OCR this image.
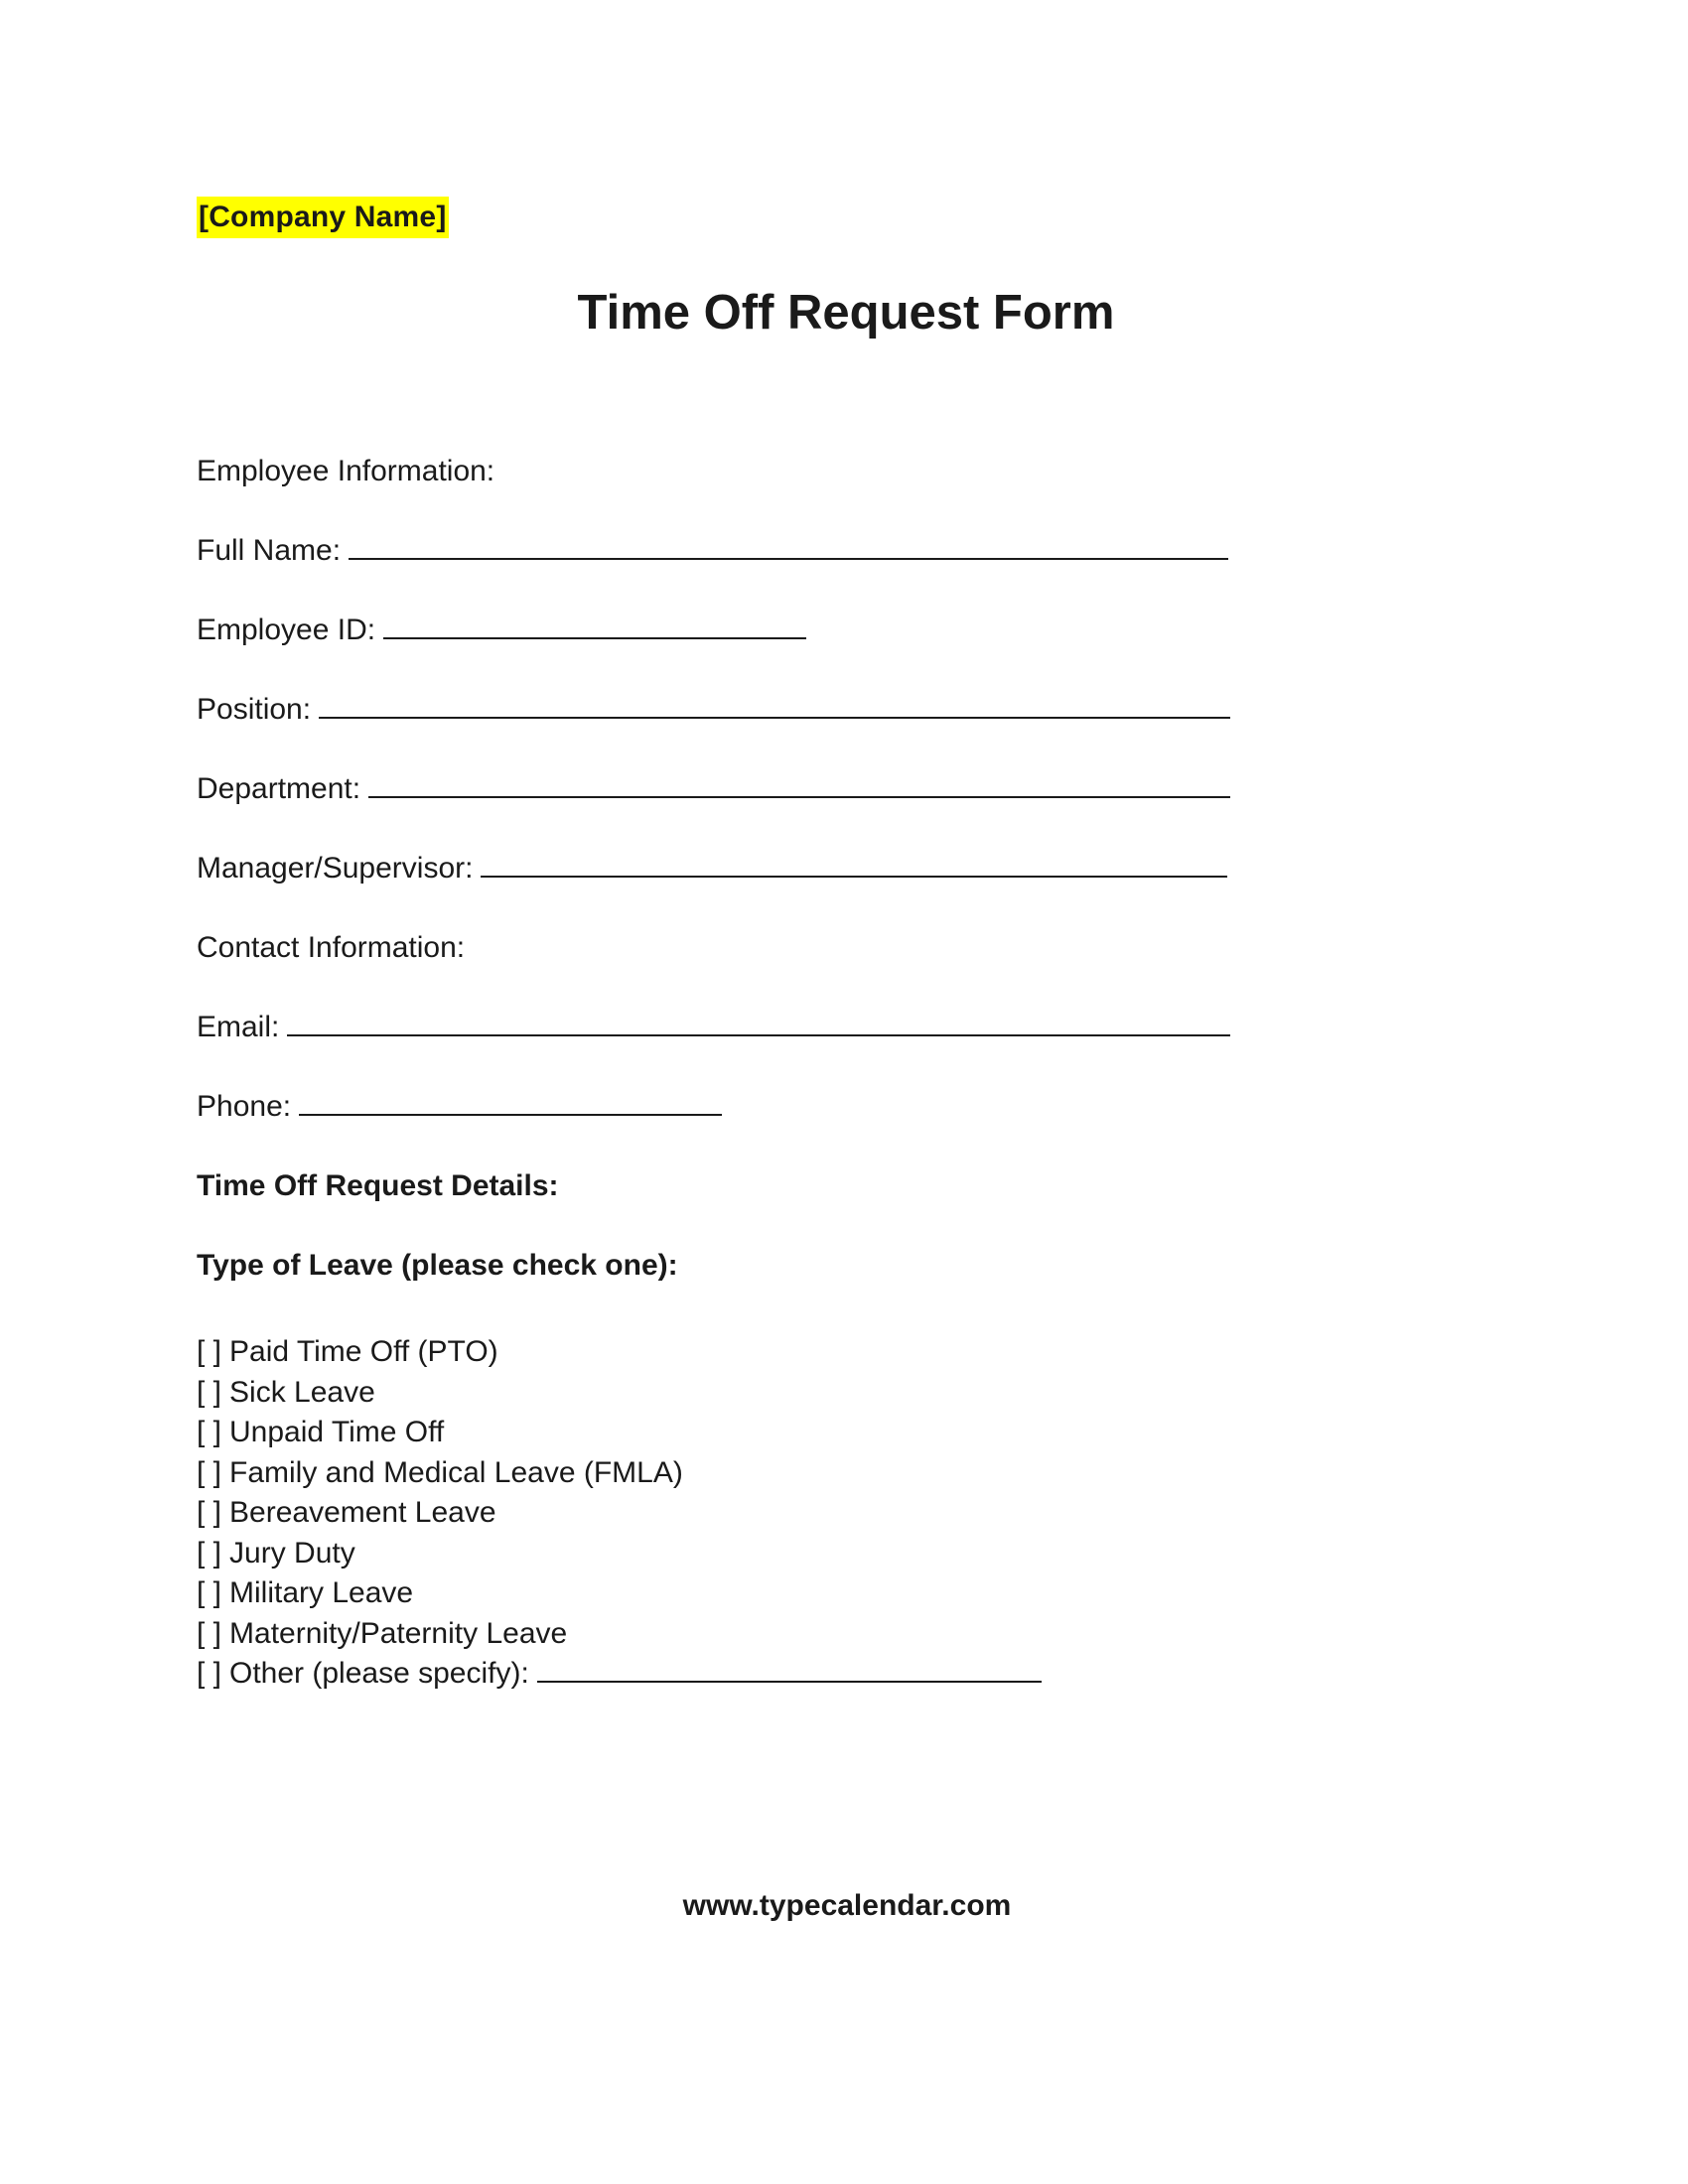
[Company Name]
Time Off Request Form
Employee Information:
Full Name:
Employee ID:
Position:
Department:
Manager/Supervisor:
Contact Information:
Email:
Phone:
Time Off Request Details:
Type of Leave (please check one):
[ ] Paid Time Off (PTO)
[ ] Sick Leave
[ ] Unpaid Time Off
[ ] Family and Medical Leave (FMLA)
[ ] Bereavement Leave
[ ] Jury Duty
[ ] Military Leave
[ ] Maternity/Paternity Leave
[ ] Other (please specify):
www.typecalendar.com
